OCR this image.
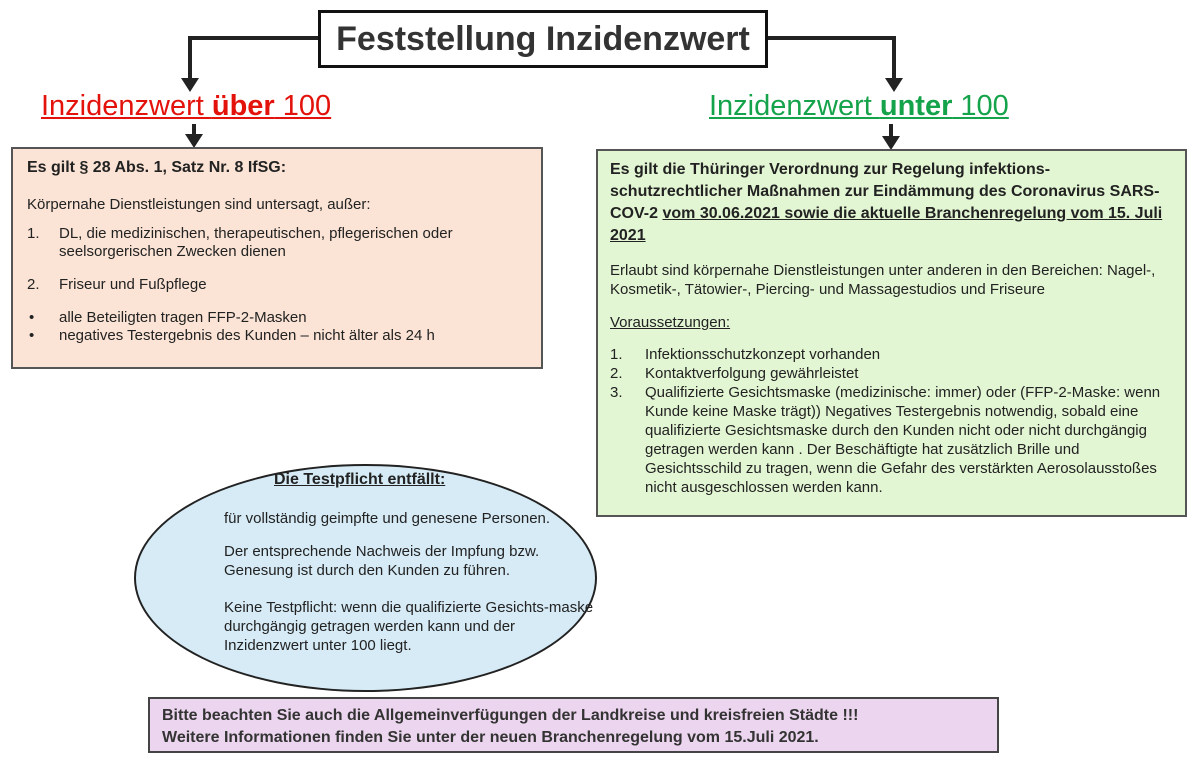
Feststellung Inzidenzwert
Inzidenzwert über 100	Inzidenzwert unter 100
Es gilt § 28 Abs. 1, Satz Nr. 8 IfSG:
Körpernahe Dienstleistungen sind untersagt, außer:
1.	DL, die medizinischen, therapeutischen, pflegerischen oder seelsorgerischen Zwecken dienen
2.	Friseur und Fußpflege
•	alle Beteiligten tragen FFP-2-Masken
•	negatives Testergebnis des Kunden – nicht älter als 24 h
Es gilt die Thüringer Verordnung zur Regelung infektions-schutzrechtlicher Maßnahmen zur Eindämmung des Coronavirus SARS-COV-2 vom 30.06.2021 sowie die aktuelle Branchenregelung vom 15. Juli 2021
Erlaubt sind körpernahe Dienstleistungen unter anderen in den Bereichen: Nagel-, Kosmetik-, Tätowier-, Piercing- und Massagestudios und Friseure
Voraussetzungen:
1.	Infektionsschutzkonzept vorhanden
2.	Kontaktverfolgung gewährleistet
3.	Qualifizierte Gesichtsmaske (medizinische: immer) oder (FFP-2-Maske: wenn Kunde keine Maske trägt)) Negatives Testergebnis notwendig, sobald eine qualifizierte Gesichtsmaske durch den Kunden nicht oder nicht durchgängig getragen werden kann . Der Beschäftigte hat zusätzlich Brille und Gesichtsschild zu tragen, wenn die Gefahr des verstärkten Aerosolausstoßes nicht ausgeschlossen werden kann.
Die Testpflicht entfällt:
für vollständig geimpfte und genesene Personen.
Der entsprechende Nachweis der Impfung bzw. Genesung ist durch den Kunden zu führen.
Keine Testpflicht: wenn die qualifizierte Gesichts-maske durchgängig getragen werden kann und der Inzidenzwert unter 100 liegt.
Bitte beachten Sie auch die Allgemeinverfügungen der Landkreise und kreisfreien Städte !!!
Weitere Informationen finden Sie unter der neuen Branchenregelung vom 15.Juli 2021.
